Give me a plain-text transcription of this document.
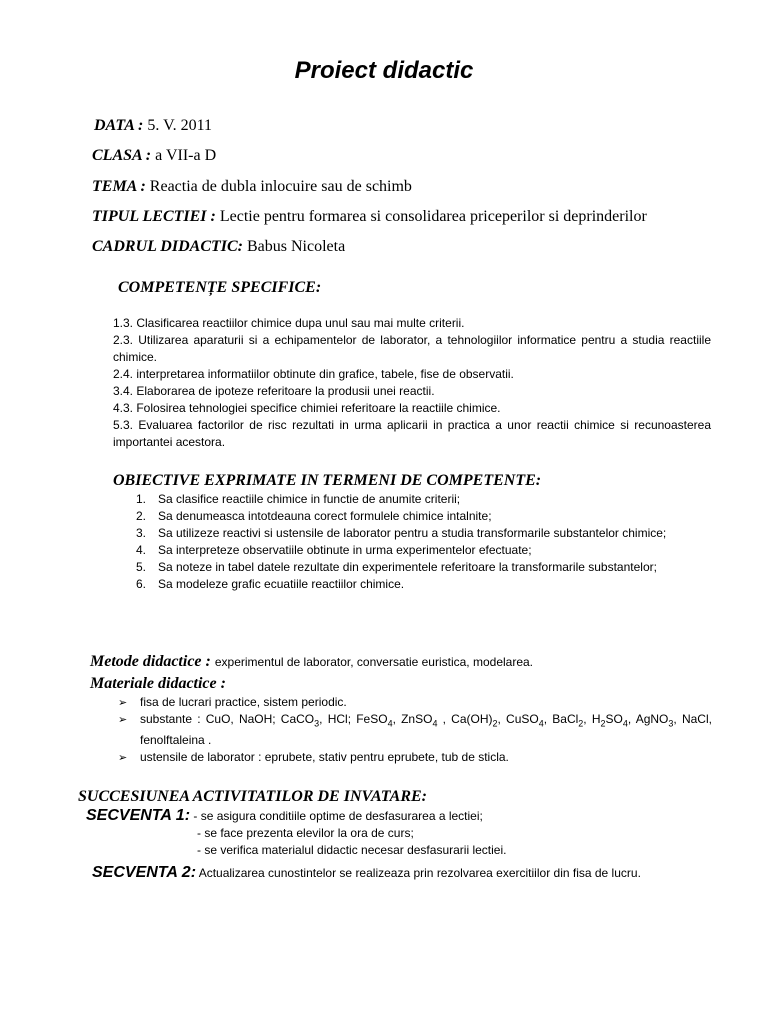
Proiect didactic
DATA : 5. V. 2011
CLASA : a VII-a D
TEMA : Reactia de dubla inlocuire sau de schimb
TIPUL LECTIEI : Lectie pentru formarea si consolidarea priceperilor si deprinderilor
CADRUL DIDACTIC: Babus Nicoleta
COMPETENȚE SPECIFICE:
1.3. Clasificarea reactiilor chimice dupa unul sau mai multe criterii.
2.3. Utilizarea aparaturii si a echipamentelor de laborator, a tehnologiilor informatice pentru a studia reactiile chimice.
2.4. interpretarea informatiilor obtinute din grafice, tabele, fise de observatii.
3.4. Elaborarea de ipoteze referitoare la produsii unei reactii.
4.3. Folosirea tehnologiei specifice chimiei referitoare la reactiile chimice.
5.3. Evaluarea factorilor de risc rezultati in urma aplicarii in practica a unor reactii chimice si recunoasterea importantei acestora.
OBIECTIVE EXPRIMATE IN TERMENI DE COMPETENTE:
1. Sa clasifice reactiile chimice in functie de anumite criterii;
2. Sa denumeasca intotdeauna corect formulele chimice intalnite;
3. Sa utilizeze reactivi si ustensile de laborator pentru a studia transformarile substantelor chimice;
4. Sa interpreteze observatiile obtinute in urma experimentelor efectuate;
5. Sa noteze in tabel datele rezultate din experimentele referitoare la transformarile substantelor;
6. Sa modeleze grafic ecuatiile reactiilor chimice.
Metode didactice : experimentul de laborator, conversatie euristica, modelarea.
Materiale didactice :
➢ fisa de lucrari practice, sistem periodic.
➢ substante : CuO, NaOH; CaCO$_3$, HCl; FeSO$_4$, ZnSO$_4$ , $Ca(OH)_2$, CuSO$_4$, BaCl$_2$, $H_2SO_4$, AgNO$_3$, NaCl, fenolftaleina .
➢ ustensile de laborator : eprubete, stativ pentru eprubete, tub de sticla.
SUCCESIUNEA ACTIVITATILOR DE INVATARE:
SECVENTA 1: - se asigura conditiile optime de desfasurarea a lectiei;
- se face prezenta elevilor la ora de curs;
- se verifica materialul didactic necesar desfasurarii lectiei.
SECVENTA 2: Actualizarea cunostintelor se realizeaza prin rezolvarea exercitiilor din fisa de lucru.
